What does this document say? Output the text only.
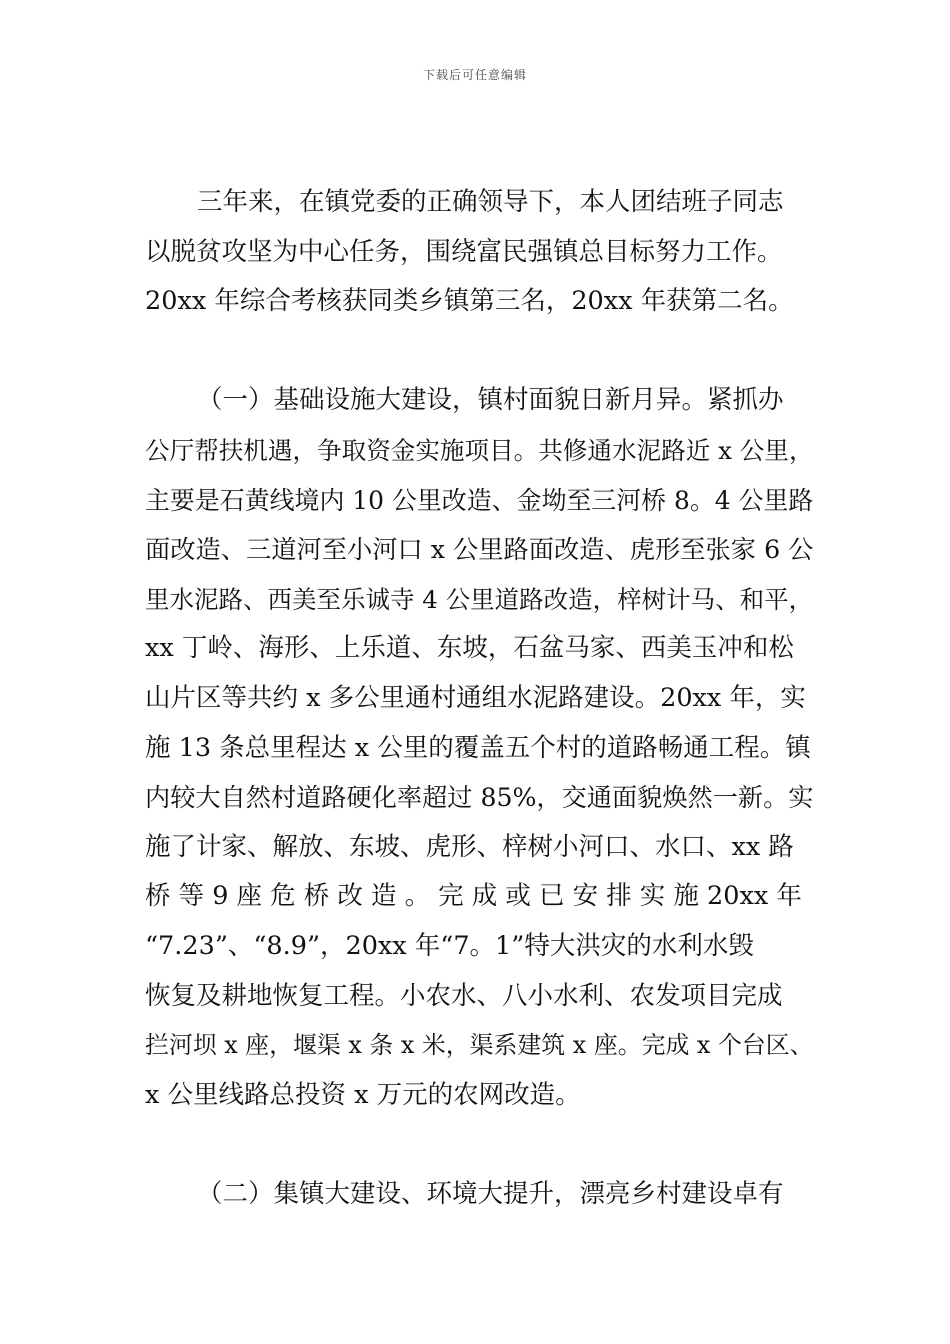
下载后可任意编辑
三年来，在镇党委的正确领导下，本人团结班子同志
以脱贫攻坚为中心任务，围绕富民强镇总目标努力工作。
20xx 年综合考核获同类乡镇第三名，20xx 年获第二名。
（一）基础设施大建设，镇村面貌日新月异。紧抓办
公厅帮扶机遇，争取资金实施项目。共修通水泥路近 x 公里，
主要是石黄线境内 10 公里改造、金坳至三河桥 8。4 公里路
面改造、三道河至小河口 x 公里路面改造、虎形至张家 6 公
里水泥路、西美至乐诚寺 4 公里道路改造，梓树计马、和平，
xx 丁岭、海形、上乐道、东坡，石盆马家、西美玉冲和松
山片区等共约 x 多公里通村通组水泥路建设。20xx 年，实
施 13 条总里程达 x 公里的覆盖五个村的道路畅通工程。镇
内较大自然村道路硬化率超过 85%，交通面貌焕然一新。实
施了计家、解放、东坡、虎形、梓树小河口、水口、xx 路
桥 等 9 座 危 桥 改 造 。 完 成 或 已 安 排 实 施 20xx 年
“7.23”、“8.9”，20xx 年“7。1”特大洪灾的水利水毁
恢复及耕地恢复工程。小农水、八小水利、农发项目完成
拦河坝 x 座，堰渠 x 条 x 米，渠系建筑 x 座。完成 x 个台区、
x 公里线路总投资 x 万元的农网改造。
（二）集镇大建设、环境大提升，漂亮乡村建设卓有
